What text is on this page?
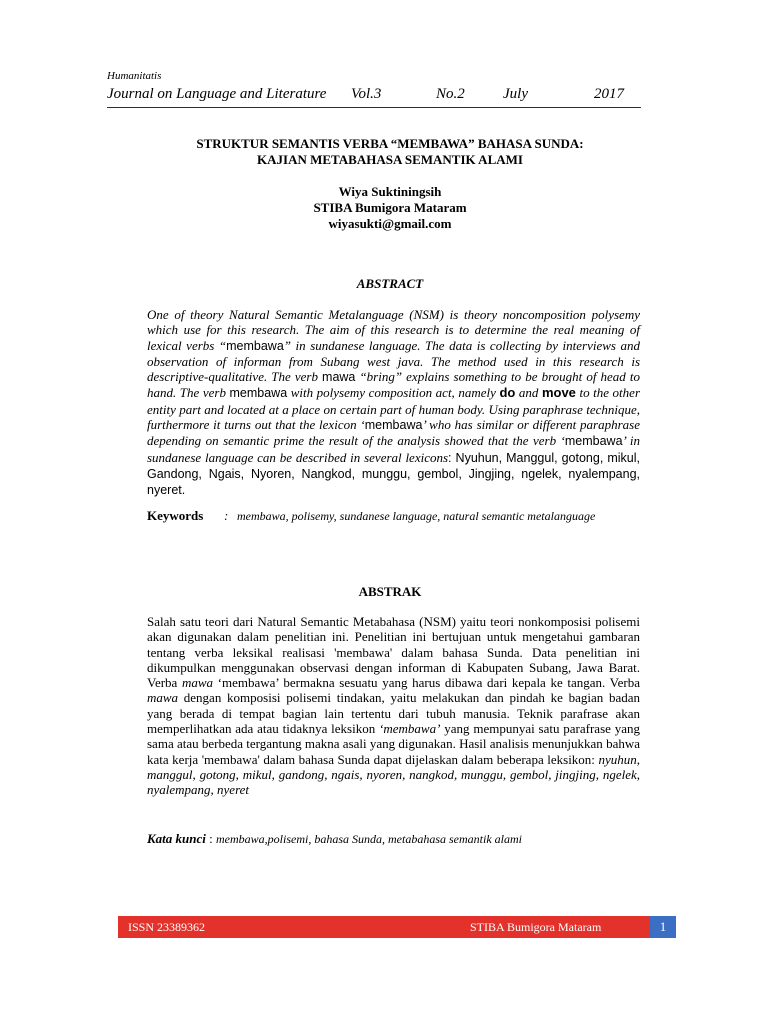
Humanitatis
Journal on Language and Literature Vol.3	No.2	July	2017
STRUKTUR SEMANTIS VERBA “MEMBAWA” BAHASA SUNDA:
KAJIAN METABAHASA SEMANTIK ALAMI
Wiya Suktiningsih
STIBA Bumigora Mataram
wiyasukti@gmail.com
ABSTRACT
One of theory Natural Semantic Metalanguage (NSM) is theory noncomposition polysemy which use for this research. The aim of this research is to determine the real meaning of lexical verbs “membawa” in sundanese language. The data is collecting by interviews and observation of informan from Subang west java. The method used in this research is descriptive-qualitative. The verb mawa “bring” explains something to be brought of head to hand. The verb membawa with polysemy composition act, namely do and move to the other entity part and located at a place on certain part of human body. Using paraphrase technique, furthermore it turns out that the lexicon ‘membawa’ who has similar or different paraphrase depending on semantic prime the result of the analysis showed that the verb ‘membawa’ in sundanese language can be described in several lexicons: Nyuhun, Manggul, gotong, mikul, Gandong, Ngais, Nyoren, Nangkod, munggu, gembol, Jingjing, ngelek, nyalempang, nyeret.
Keywords : membawa, polisemy, sundanese language, natural semantic metalanguage
ABSTRAK
Salah satu teori dari Natural Semantic Metabahasa (NSM) yaitu teori nonkomposisi polisemi akan digunakan dalam penelitian ini. Penelitian ini bertujuan untuk mengetahui gambaran tentang verba leksikal realisasi 'membawa' dalam bahasa Sunda. Data penelitian ini dikumpulkan menggunakan observasi dengan informan di Kabupaten Subang, Jawa Barat. Verba mawa ‘membawa’ bermakna sesuatu yang harus dibawa dari kepala ke tangan. Verba mawa dengan komposisi polisemi tindakan, yaitu melakukan dan pindah ke bagian badan yang berada di tempat bagian lain tertentu dari tubuh manusia. Teknik parafrase akan memperlihatkan ada atau tidaknya leksikon ‘membawa’ yang mempunyai satu parafrase yang sama atau berbeda tergantung makna asali yang digunakan. Hasil analisis menunjukkan bahwa kata kerja 'membawa' dalam bahasa Sunda dapat dijelaskan dalam beberapa leksikon: nyuhun, manggul, gotong, mikul, gandong, ngais, nyoren, nangkod, munggu, gembol, jingjing, ngelek, nyalempang, nyeret
Kata kunci : membawa,polisemi, bahasa Sunda, metabahasa semantik alami
ISSN 23389362	STIBA Bumigora Mataram	1
